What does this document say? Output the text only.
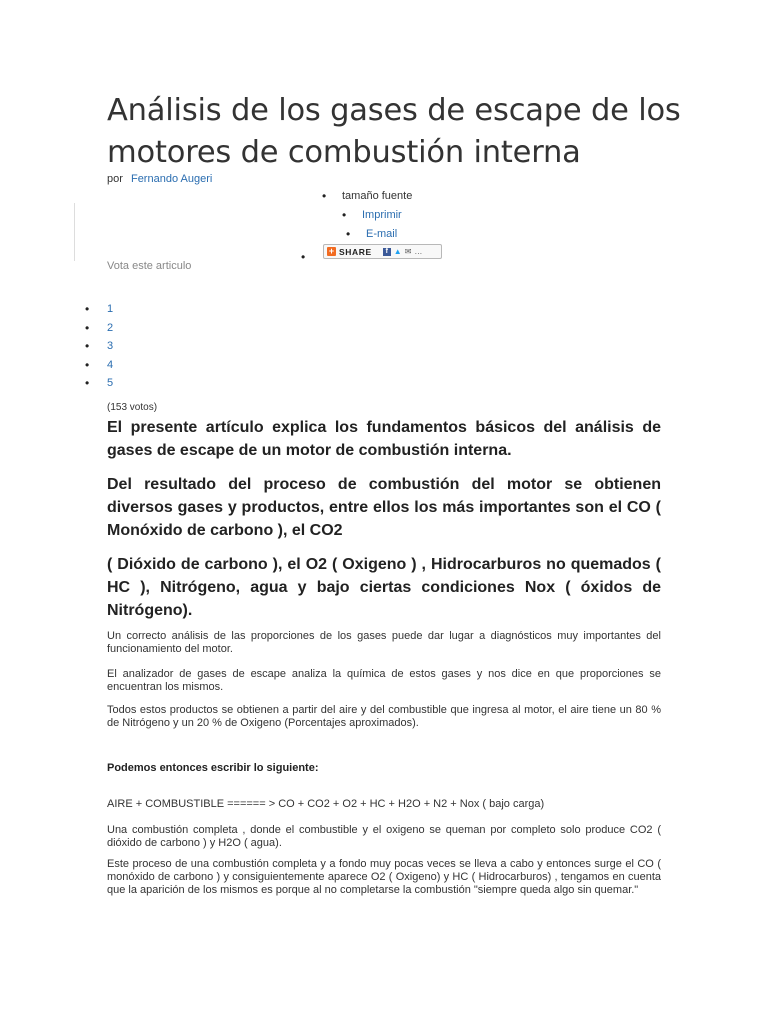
Análisis de los gases de escape de los motores de combustión interna
por Fernando Augeri
• tamaño fuente
• Imprimir
• E-mail
•	+ SHARE	f ▲ ✉ …
Vota este articulo
• 1
• 2
• 3
• 4
• 5
(153 votos)

El presente artículo explica los fundamentos básicos del análisis de gases de escape de un motor de combustión interna.

Del resultado del proceso de combustión del motor se obtienen diversos gases y productos, entre ellos los más importantes son el CO ( Monóxido de carbono ), el CO2

( Dióxido de carbono ), el O2 ( Oxigeno ) , Hidrocarburos no quemados ( HC ), Nitrógeno, agua y bajo ciertas condiciones Nox ( óxidos de Nitrógeno).

Un correcto análisis de las proporciones de los gases puede dar lugar a diagnósticos muy importantes del funcionamiento del motor.

El analizador de gases de escape analiza la química de estos gases y nos dice en que proporciones se encuentran los mismos.

Todos estos productos se obtienen a partir del aire y del combustible que ingresa al motor, el aire tiene un 80 % de Nitrógeno y un 20 % de Oxigeno (Porcentajes aproximados).

Podemos entonces escribir lo siguiente:
AIRE + COMBUSTIBLE ====== > CO + CO2 + O2 + HC + H2O + N2 + Nox ( bajo carga)

Una combustión completa , donde el combustible y el oxigeno se queman por completo solo produce CO2 ( dióxido de carbono ) y H2O ( agua).

Este proceso de una combustión completa y a fondo muy pocas veces se lleva a cabo y entonces surge el CO ( monóxido de carbono ) y consiguientemente aparece O2 ( Oxigeno) y HC ( Hidrocarburos) , tengamos en cuenta que la aparición de los mismos es porque al no completarse la combustión "siempre queda algo sin quemar."
